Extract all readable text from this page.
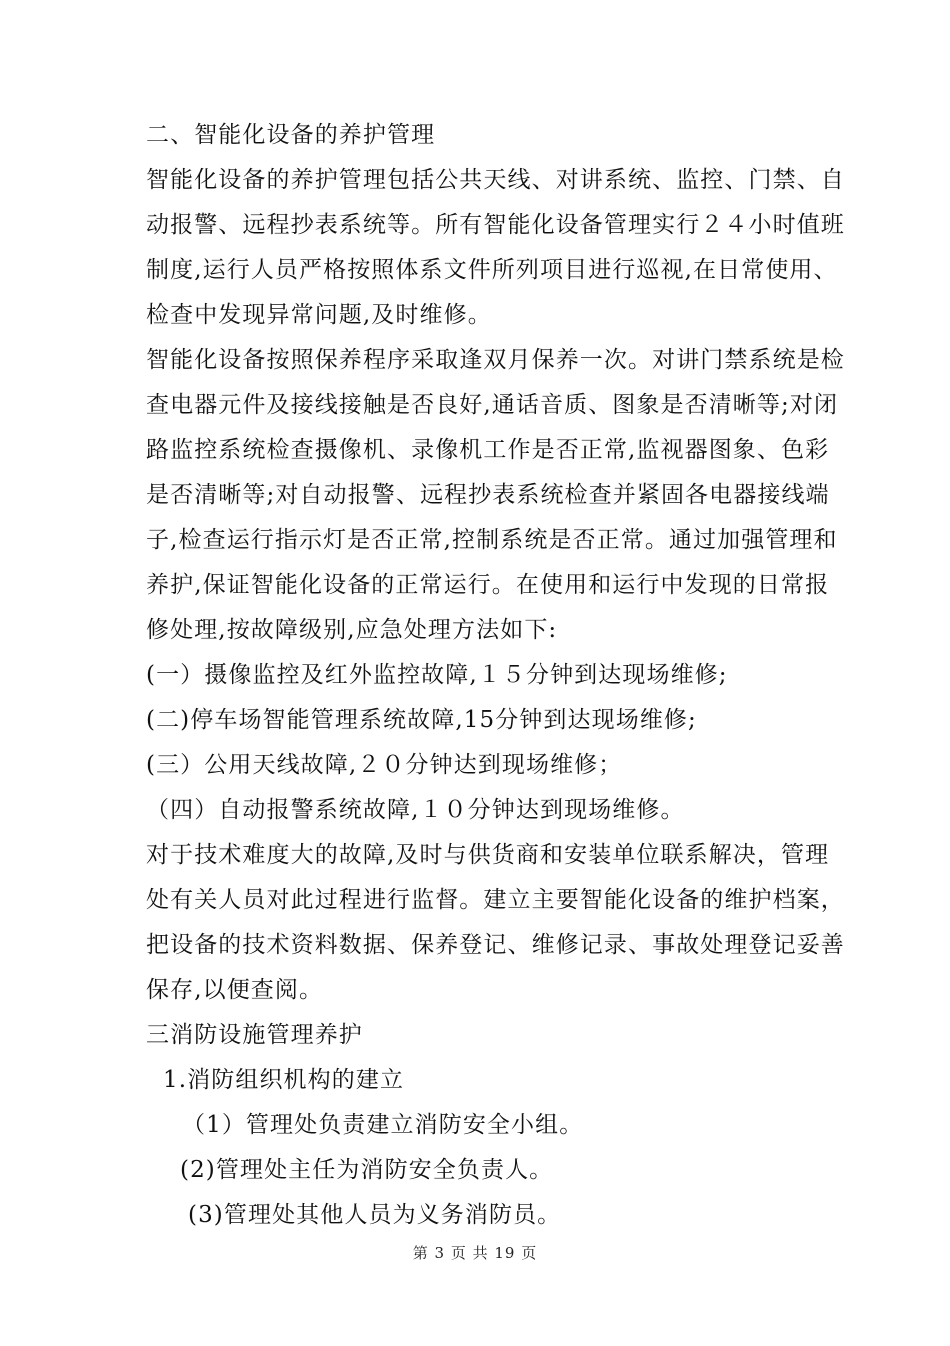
二、智能化设备的养护管理
智能化设备的养护管理包括公共天线、对讲系统、监控、门禁、自
动报警、远程抄表系统等。所有智能化设备管理实行２４小时值班
制度,运行人员严格按照体系文件所列项目进行巡视,在日常使用、
检查中发现异常问题,及时维修。
智能化设备按照保养程序采取逢双月保养一次。对讲门禁系统是检
查电器元件及接线接触是否良好,通话音质、图象是否清晰等;对闭
路监控系统检查摄像机、录像机工作是否正常,监视器图象、色彩
是否清晰等;对自动报警、远程抄表系统检查并紧固各电器接线端
子,检查运行指示灯是否正常,控制系统是否正常。通过加强管理和
养护,保证智能化设备的正常运行。在使用和运行中发现的日常报
修处理,按故障级别,应急处理方法如下:
(一）摄像监控及红外监控故障,１５分钟到达现场维修;
(二)停车场智能管理系统故障,15分钟到达现场维修;
(三）公用天线故障,２０分钟达到现场维修；
（四）自动报警系统故障,１０分钟达到现场维修。
对于技术难度大的故障,及时与供货商和安装单位联系解决，管理
处有关人员对此过程进行监督。建立主要智能化设备的维护档案，
把设备的技术资料数据、保养登记、维修记录、事故处理登记妥善
保存,以便查阅。
三消防设施管理养护
1.消防组织机构的建立
（1）管理处负责建立消防安全小组。
(2)管理处主任为消防安全负责人。
(3)管理处其他人员为义务消防员。
第 3 页 共 19 页
